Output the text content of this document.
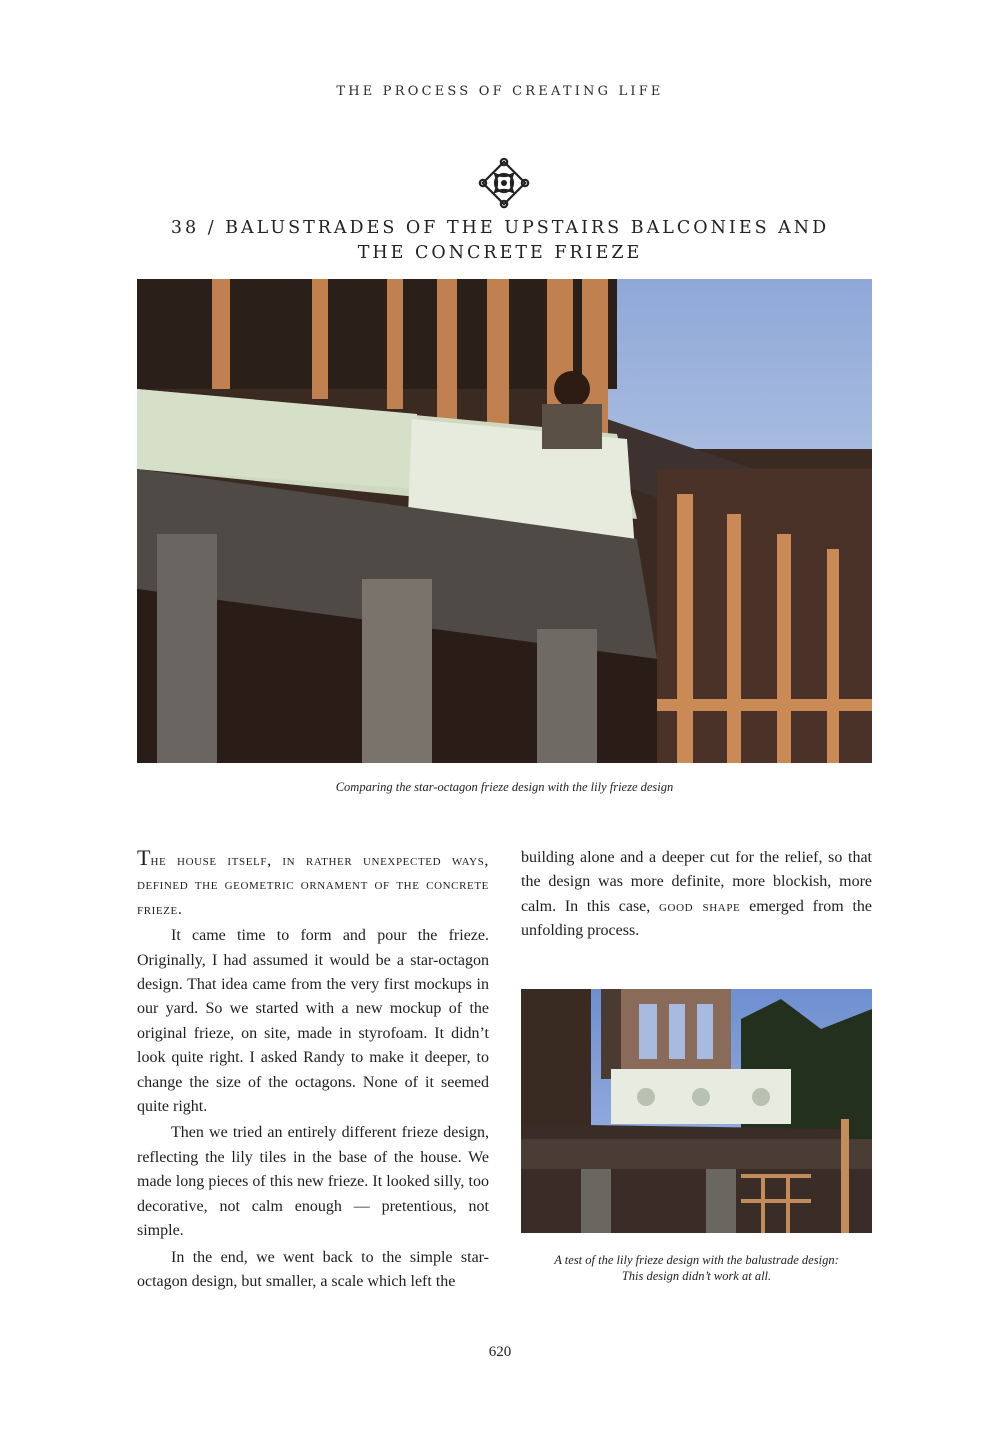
THE PROCESS OF CREATING LIFE
38 / BALUSTRADES OF THE UPSTAIRS BALCONIES AND
THE CONCRETE FRIEZE
Comparing the star-octagon frieze design with the lily frieze design

The house itself, in rather unexpected ways, defined the geometric ornament of the concrete frieze.

It came time to form and pour the frieze. Originally, I had assumed it would be a star-octagon design. That idea came from the very first mockups in our yard. So we started with a new mockup of the original frieze, on site, made in styrofoam. It didn’t look quite right. I asked Randy to make it deeper, to change the size of the octagons. None of it seemed quite right.

Then we tried an entirely different frieze design, reflecting the lily tiles in the base of the house. We made long pieces of this new frieze. It looked silly, too decorative, not calm enough — pretentious, not simple.

In the end, we went back to the simple star-octagon design, but smaller, a scale which left the

building alone and a deeper cut for the relief, so that the design was more definite, more blockish, more calm. In this case, good shape emerged from the unfolding process.

A test of the lily frieze design with the balustrade design:
This design didn’t work at all.
620
